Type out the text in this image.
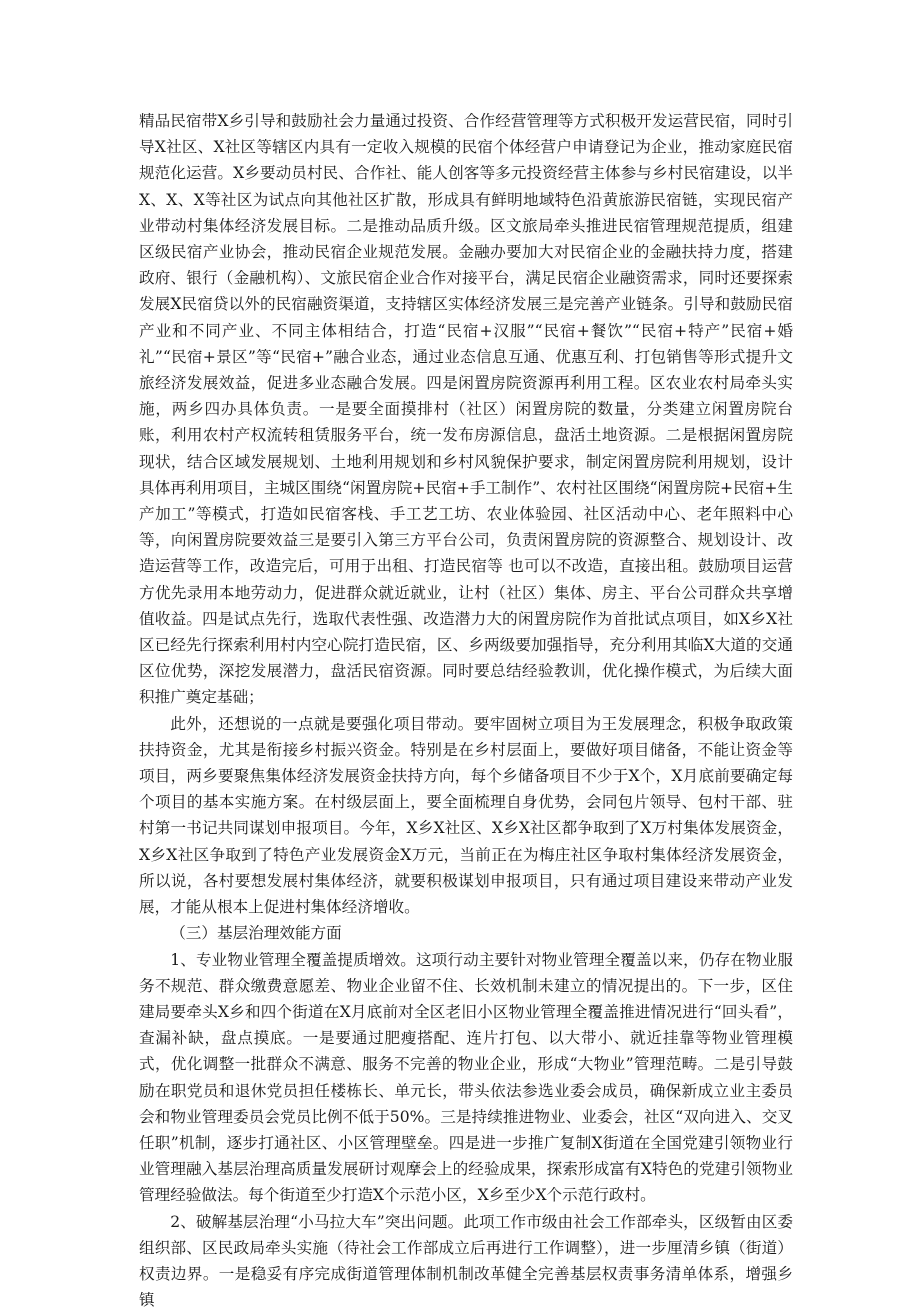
精品民宿带X乡引导和鼓励社会力量通过投资、合作经营管理等方式积极开发运营民宿，同时引导X社区、X社区等辖区内具有一定收入规模的民宿个体经营户申请登记为企业，推动家庭民宿规范化运营。X乡要动员村民、合作社、能人创客等多元投资经营主体参与乡村民宿建设，以半X、X、X等社区为试点向其他社区扩散，形成具有鲜明地域特色沿黄旅游民宿链，实现民宿产业带动村集体经济发展目标。二是推动品质升级。区文旅局牵头推进民宿管理规范提质，组建区级民宿产业协会，推动民宿企业规范发展。金融办要加大对民宿企业的金融扶持力度，搭建政府、银行（金融机构）、文旅民宿企业合作对接平台，满足民宿企业融资需求，同时还要探索发展X民宿贷以外的民宿融资渠道，支持辖区实体经济发展三是完善产业链条。引导和鼓励民宿产业和不同产业、不同主体相结合，打造“民宿+汉服”“民宿+餐饮”“民宿+特产”民宿+婚礼”“民宿+景区”等“民宿+”融合业态，通过业态信息互通、优惠互利、打包销售等形式提升文旅经济发展效益，促进多业态融合发展。四是闲置房院资源再利用工程。区农业农村局牵头实施，两乡四办具体负责。一是要全面摸排村（社区）闲置房院的数量，分类建立闲置房院台账，利用农村产权流转租赁服务平台，统一发布房源信息，盘活土地资源。二是根据闲置房院现状，结合区域发展规划、土地利用规划和乡村风貌保护要求，制定闲置房院利用规划，设计具体再利用项目，主城区围绕“闲置房院+民宿+手工制作”、农村社区围绕“闲置房院+民宿+生产加工”等模式，打造如民宿客栈、手工艺工坊、农业体验园、社区活动中心、老年照料中心等，向闲置房院要效益三是要引入第三方平台公司，负责闲置房院的资源整合、规划设计、改造运营等工作，改造完后，可用于出租、打造民宿等 也可以不改造，直接出租。鼓励项目运营方优先录用本地劳动力，促进群众就近就业，让村（社区）集体、房主、平台公司群众共享增值收益。四是试点先行，选取代表性强、改造潜力大的闲置房院作为首批试点项目，如X乡X社区已经先行探索利用村内空心院打造民宿，区、乡两级要加强指导，充分利用其临X大道的交通区位优势，深挖发展潜力，盘活民宿资源。同时要总结经验教训，优化操作模式，为后续大面积推广奠定基础；

此外，还想说的一点就是要强化项目带动。要牢固树立项目为王发展理念，积极争取政策扶持资金，尤其是衔接乡村振兴资金。特别是在乡村层面上，要做好项目储备，不能让资金等项目，两乡要聚焦集体经济发展资金扶持方向，每个乡储备项目不少于X个，X月底前要确定每个项目的基本实施方案。在村级层面上，要全面梳理自身优势，会同包片领导、包村干部、驻村第一书记共同谋划申报项目。今年，X乡X社区、X乡X社区都争取到了X万村集体发展资金，X乡X社区争取到了特色产业发展资金X万元，当前正在为梅庄社区争取村集体经济发展资金，所以说，各村要想发展村集体经济，就要积极谋划申报项目，只有通过项目建设来带动产业发展，才能从根本上促进村集体经济增收。

（三）基层治理效能方面

1、专业物业管理全覆盖提质增效。这项行动主要针对物业管理全覆盖以来，仍存在物业服务不规范、群众缴费意愿差、物业企业留不住、长效机制未建立的情况提出的。下一步，区住建局要牵头X乡和四个街道在X月底前对全区老旧小区物业管理全覆盖推进情况进行“回头看”，查漏补缺，盘点摸底。一是要通过肥瘦搭配、连片打包、以大带小、就近挂靠等物业管理模式，优化调整一批群众不满意、服务不完善的物业企业，形成“大物业”管理范畴。二是引导鼓励在职党员和退休党员担任楼栋长、单元长，带头依法参选业委会成员，确保新成立业主委员会和物业管理委员会党员比例不低于50%。三是持续推进物业、业委会，社区“双向进入、交叉任职”机制，逐步打通社区、小区管理壁垒。四是进一步推广复制X街道在全国党建引领物业行业管理融入基层治理高质量发展研讨观摩会上的经验成果，探索形成富有X特色的党建引领物业管理经验做法。每个街道至少打造X个示范小区，X乡至少X个示范行政村。

2、破解基层治理“小马拉大车”突出问题。此项工作市级由社会工作部牵头，区级暂由区委组织部、区民政局牵头实施（待社会工作部成立后再进行工作调整），进一步厘清乡镇（街道）权责边界。一是稳妥有序完成街道管理体制机制改革健全完善基层权责事务清单体系，增强乡镇
